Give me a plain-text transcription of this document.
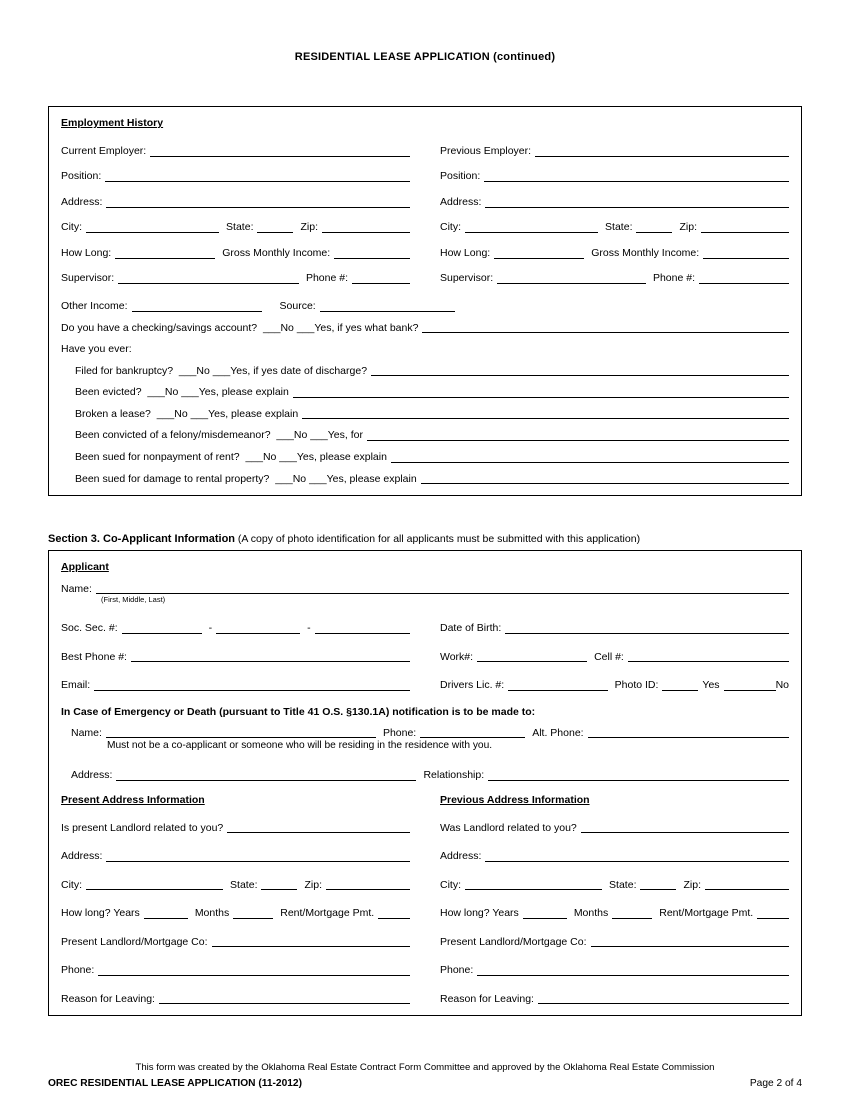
RESIDENTIAL LEASE APPLICATION (continued)
Employment History
Current Employer:
Position:
Address:
City:	State:	Zip:
How Long:	Gross Monthly Income:
Supervisor:	Phone #:
Previous Employer:
Position:
Address:
City:	State:	Zip:
How Long:	Gross Monthly Income:
Supervisor:	Phone #:
Other Income:	Source:
Do you have a checking/savings account?  ___No ___Yes, if yes what bank?
Have you ever:
Filed for bankruptcy?  ___No ___Yes, if yes date of discharge?
Been evicted?  ___No ___Yes, please explain
Broken a lease?  ___No ___Yes, please explain
Been convicted of a felony/misdemeanor?  ___No ___Yes, for
Been sued for nonpayment of rent?  ___No ___Yes, please explain
Been sued for damage to rental property?  ___No ___Yes, please explain
Section 3. Co-Applicant Information (A copy of photo identification for all applicants must be submitted with this application)
Applicant
Name:
(First, Middle, Last)
Soc. Sec. #:	-	-	Date of Birth:
Best Phone #:	Work#:	Cell #:
Email:	Drivers Lic. #:	Photo ID:	Yes	No
In Case of Emergency or Death (pursuant to Title 41 O.S. §130.1A) notification is to be made to:
Name:	Phone:	Alt. Phone:
Must not be a co-applicant or someone who will be residing in the residence with you.
Address:	Relationship:
Present Address Information	Previous Address Information
Is present Landlord related to you?	Was Landlord related to you?
Address:	Address:
City:	State:	Zip:	City:	State:	Zip:
How long? Years	Months	Rent/Mortgage Pmt.	How long? Years	Months	Rent/Mortgage Pmt.
Present Landlord/Mortgage Co:	Present Landlord/Mortgage Co:
Phone:	Phone:
Reason for Leaving:	Reason for Leaving:
This form was created by the Oklahoma Real Estate Contract Form Committee and approved by the Oklahoma Real Estate Commission
OREC RESIDENTIAL LEASE APPLICATION (11-2012)	Page 2 of 4
